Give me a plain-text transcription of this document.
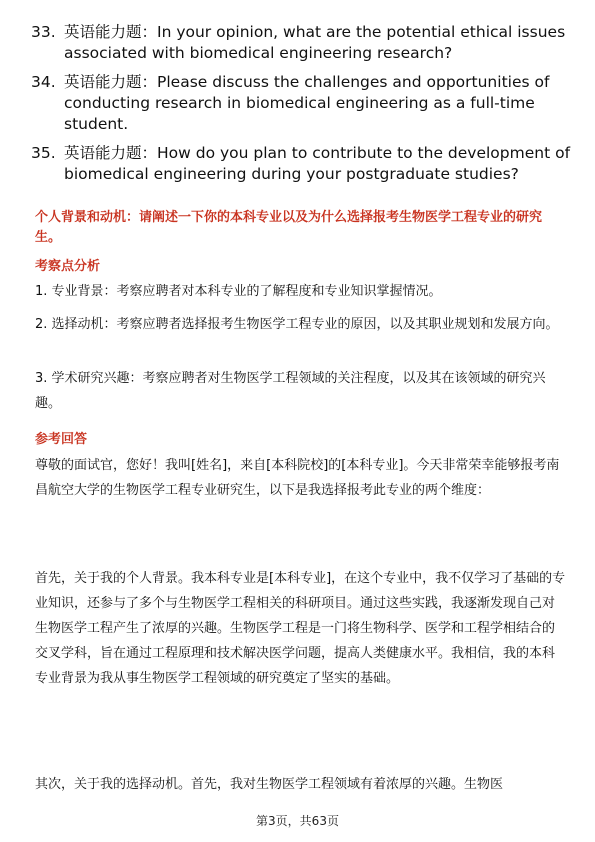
33. 英语能力题：In your opinion, what are the potential ethical issues associated with biomedical engineering research?
34. 英语能力题：Please discuss the challenges and opportunities of conducting research in biomedical engineering as a full-time student.
35. 英语能力题：How do you plan to contribute to the development of biomedical engineering during your postgraduate studies?
个人背景和动机：请阐述一下你的本科专业以及为什么选择报考生物医学工程专业的研究生。
考察点分析
1. 专业背景：考察应聘者对本科专业的了解程度和专业知识掌握情况。
2. 选择动机：考察应聘者选择报考生物医学工程专业的原因，以及其职业规划和发展方向。
3. 学术研究兴趣：考察应聘者对生物医学工程领域的关注程度，以及其在该领域的研究兴趣。
参考回答
尊敬的面试官，您好！我叫[姓名]，来自[本科院校]的[本科专业]。今天非常荣幸能够报考南昌航空大学的生物医学工程专业研究生，以下是我选择报考此专业的两个维度：
首先，关于我的个人背景。我本科专业是[本科专业]，在这个专业中，我不仅学习了基础的专业知识，还参与了多个与生物医学工程相关的科研项目。通过这些实践，我逐渐发现自己对生物医学工程产生了浓厚的兴趣。生物医学工程是一门将生物科学、医学和工程学相结合的交叉学科，旨在通过工程原理和技术解决医学问题，提高人类健康水平。我相信，我的本科专业背景为我从事生物医学工程领域的研究奠定了坚实的基础。
其次，关于我的选择动机。首先，我对生物医学工程领域有着浓厚的兴趣。生物医
第3页，共63页
